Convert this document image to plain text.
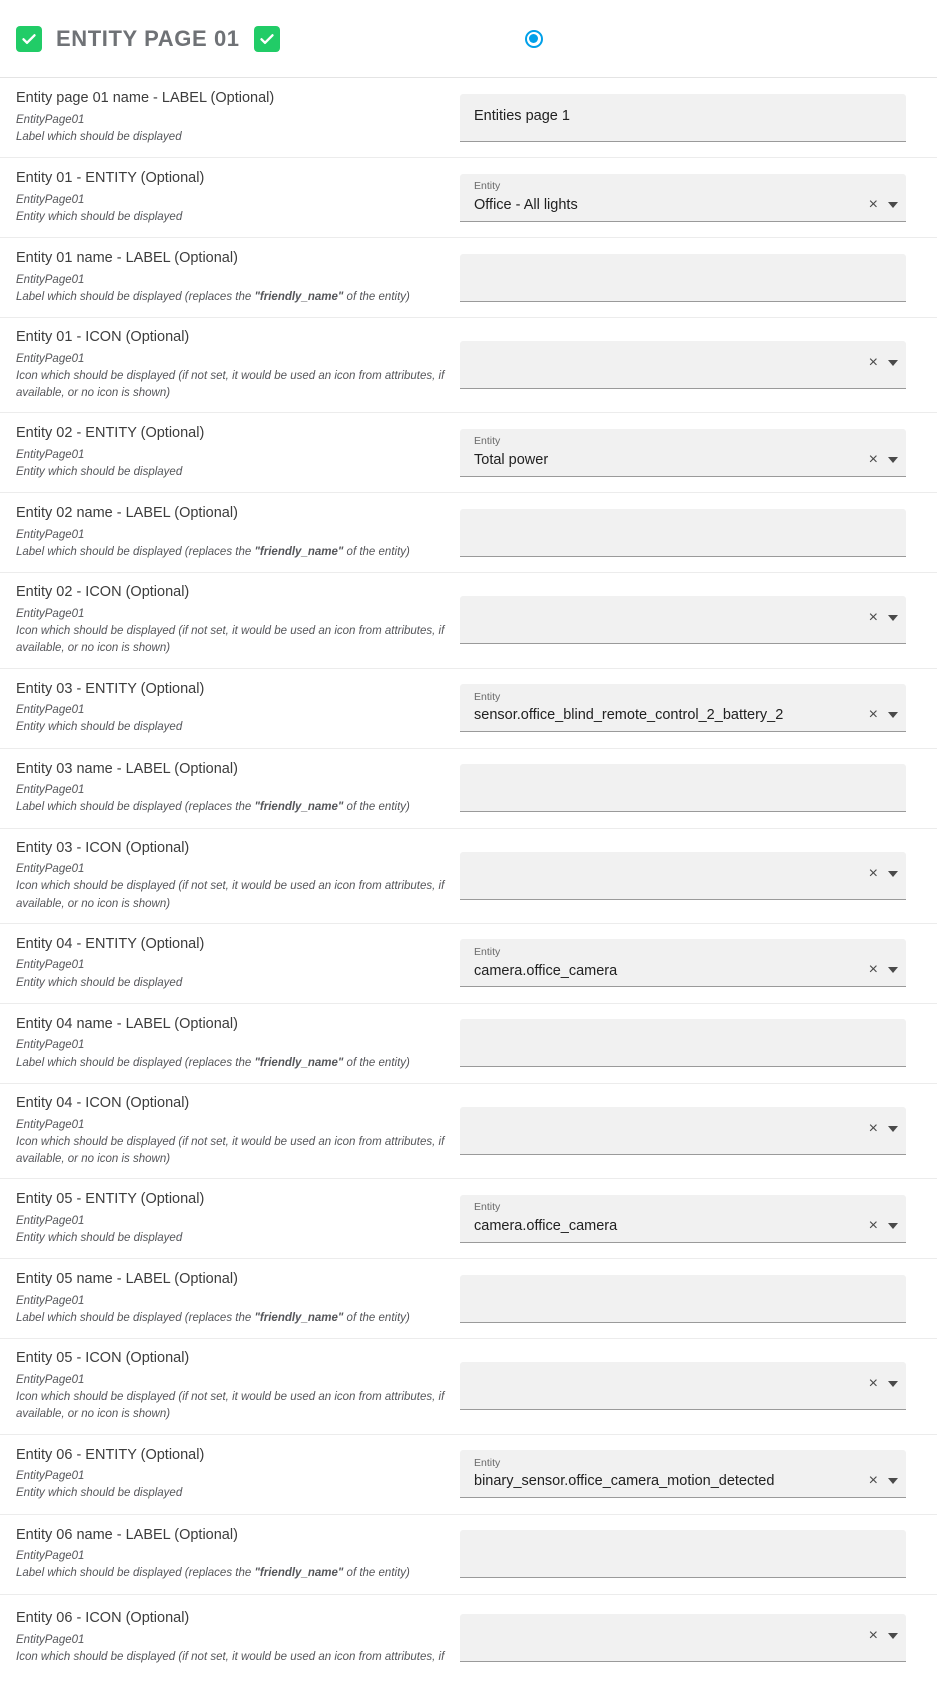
ENTITY PAGE 01
Entity page 01 name - LABEL (Optional)
EntityPage01
Label which should be displayed
Entities page 1
Entity 01 - ENTITY (Optional)
EntityPage01
Entity which should be displayed
Entity
Office - All lights	×
Entity 01 name - LABEL (Optional)
EntityPage01
Label which should be displayed (replaces the "friendly_name" of the entity)
Entity 01 - ICON (Optional)
EntityPage01
Icon which should be displayed (if not set, it would be used an icon from attributes, if available, or no icon is shown)
×
Entity 02 - ENTITY (Optional)
EntityPage01
Entity which should be displayed
Entity
Total power	×
Entity 02 name - LABEL (Optional)
EntityPage01
Label which should be displayed (replaces the "friendly_name" of the entity)
Entity 02 - ICON (Optional)
EntityPage01
Icon which should be displayed (if not set, it would be used an icon from attributes, if available, or no icon is shown)
×
Entity 03 - ENTITY (Optional)
EntityPage01
Entity which should be displayed
Entity
sensor.office_blind_remote_control_2_battery_2	×
Entity 03 name - LABEL (Optional)
EntityPage01
Label which should be displayed (replaces the "friendly_name" of the entity)
Entity 03 - ICON (Optional)
EntityPage01
Icon which should be displayed (if not set, it would be used an icon from attributes, if available, or no icon is shown)
×
Entity 04 - ENTITY (Optional)
EntityPage01
Entity which should be displayed
Entity
camera.office_camera	×
Entity 04 name - LABEL (Optional)
EntityPage01
Label which should be displayed (replaces the "friendly_name" of the entity)
Entity 04 - ICON (Optional)
EntityPage01
Icon which should be displayed (if not set, it would be used an icon from attributes, if available, or no icon is shown)
×
Entity 05 - ENTITY (Optional)
EntityPage01
Entity which should be displayed
Entity
camera.office_camera	×
Entity 05 name - LABEL (Optional)
EntityPage01
Label which should be displayed (replaces the "friendly_name" of the entity)
Entity 05 - ICON (Optional)
EntityPage01
Icon which should be displayed (if not set, it would be used an icon from attributes, if available, or no icon is shown)
×
Entity 06 - ENTITY (Optional)
EntityPage01
Entity which should be displayed
Entity
binary_sensor.office_camera_motion_detected	×
Entity 06 name - LABEL (Optional)
EntityPage01
Label which should be displayed (replaces the "friendly_name" of the entity)
Entity 06 - ICON (Optional)
EntityPage01
Icon which should be displayed (if not set, it would be used an icon from attributes, if
×
